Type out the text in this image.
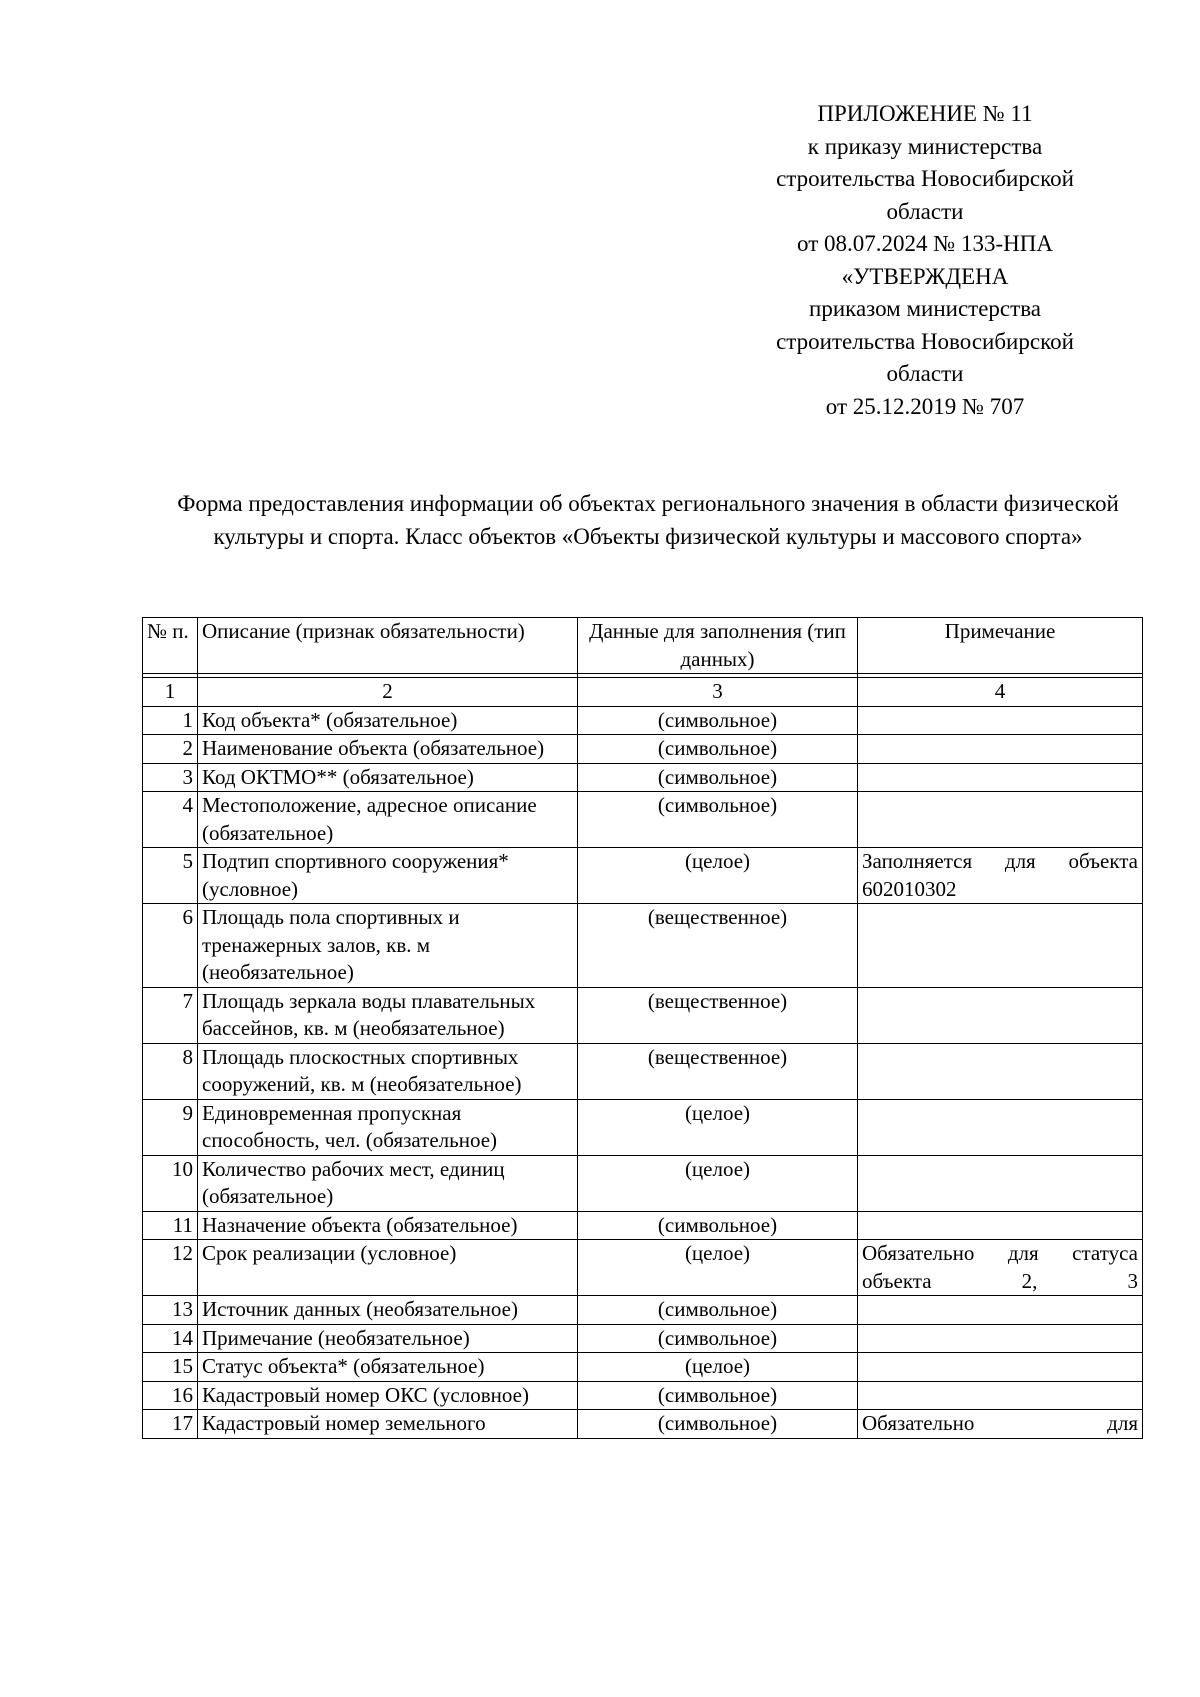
ПРИЛОЖЕНИЕ № 11
к приказу министерства
строительства Новосибирской
области
от 08.07.2024 № 133-НПА
«УТВЕРЖДЕНА
приказом министерства
строительства Новосибирской
области
от 25.12.2019 № 707
Форма предоставления информации об объектах регионального значения в области физической культуры и спорта. Класс объектов «Объекты физической культуры и массового спорта»
№ п.	Описание (признак обязательности)	Данные для заполнения (тип данных)	Примечание

1	2	3	4
1	Код объекта* (обязательное)	(символьное)	
2	Наименование объекта (обязательное)	(символьное)	
3	Код ОКТМО** (обязательное)	(символьное)	
4	Местоположение, адресное описание (обязательное)	(символьное)	
5	Подтип спортивного сооружения* (условное)	(целое)	Заполняется для объекта 602010302
6	Площадь пола спортивных и тренажерных залов, кв. м (необязательное)	(вещественное)	
7	Площадь зеркала воды плавательных бассейнов, кв. м (необязательное)	(вещественное)	
8	Площадь плоскостных спортивных сооружений, кв. м (необязательное)	(вещественное)	
9	Единовременная пропускная способность, чел. (обязательное)	(целое)	
10	Количество рабочих мест, единиц (обязательное)	(целое)	
11	Назначение объекта (обязательное)	(символьное)	
12	Срок реализации (условное)	(целое)	Обязательно для статуса объекта 2, 3
13	Источник данных (необязательное)	(символьное)	
14	Примечание (необязательное)	(символьное)	
15	Статус объекта* (обязательное)	(целое)	
16	Кадастровый номер ОКС (условное)	(символьное)	
17	Кадастровый номер земельного	(символьное)	Обязательно для
